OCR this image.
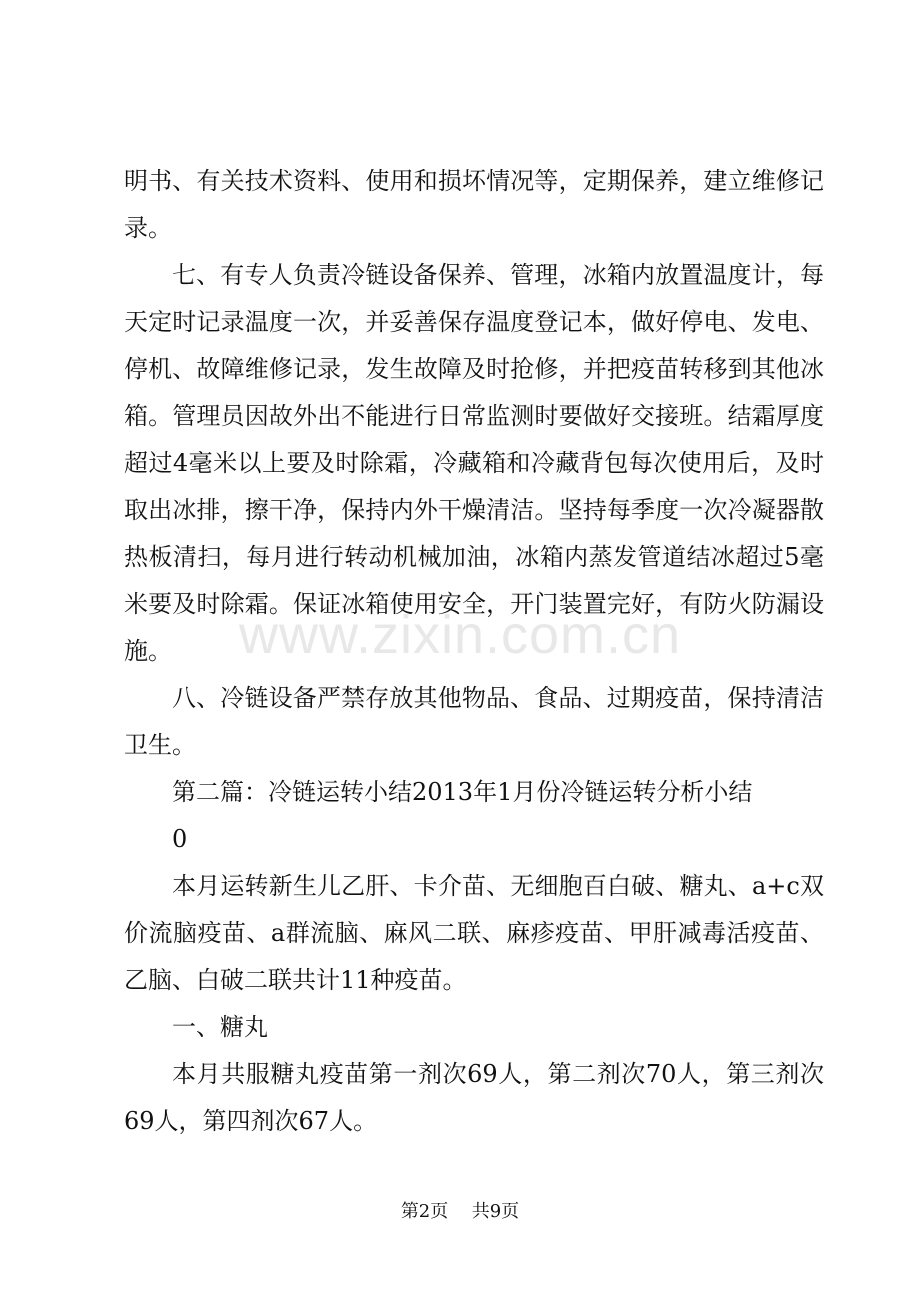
明书、有关技术资料、使用和损坏情况等，定期保养，建立维修记录。

七、有专人负责冷链设备保养、管理，冰箱内放置温度计，每天定时记录温度一次，并妥善保存温度登记本，做好停电、发电、停机、故障维修记录，发生故障及时抢修，并把疫苗转移到其他冰箱。管理员因故外出不能进行日常监测时要做好交接班。结霜厚度超过4毫米以上要及时除霜，冷藏箱和冷藏背包每次使用后，及时取出冰排，擦干净，保持内外干燥清洁。坚持每季度一次冷凝器散热板清扫，每月进行转动机械加油，冰箱内蒸发管道结冰超过5毫米要及时除霜。保证冰箱使用安全，开门装置完好，有防火防漏设施。

八、冷链设备严禁存放其他物品、食品、过期疫苗，保持清洁卫生。

第二篇：冷链运转小结2013年1月份冷链运转分析小结

0

本月运转新生儿乙肝、卡介苗、无细胞百白破、糖丸、a+c双价流脑疫苗、a群流脑、麻风二联、麻疹疫苗、甲肝减毒活疫苗、乙脑、白破二联共计11种疫苗。

一、糖丸

本月共服糖丸疫苗第一剂次69人，第二剂次70人，第三剂次69人，第四剂次67人。

www.zixin.com.cn
第2页 共9页
